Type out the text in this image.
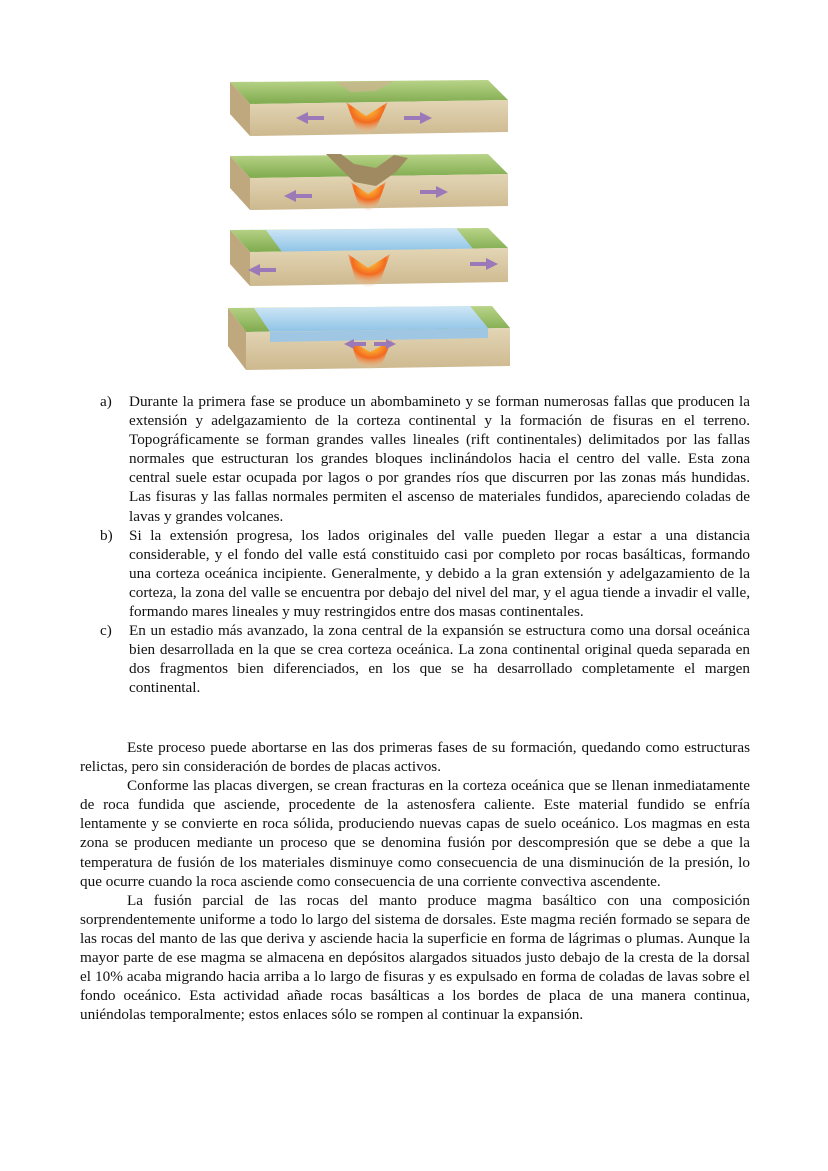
a) Durante la primera fase se produce un abombamineto y se forman numerosas fallas que producen la extensión y adelgazamiento de la corteza continental y la formación de fisuras en el terreno. Topográficamente se forman grandes valles lineales (rift continentales) delimitados por las fallas normales que estructuran los grandes bloques inclinándolos hacia el centro del valle. Esta zona central suele estar ocupada por lagos o por grandes ríos que discurren por las zonas más hundidas. Las fisuras y las fallas normales permiten el ascenso de materiales fundidos, apareciendo coladas de lavas y grandes volcanes.
b) Si la extensión progresa, los lados originales del valle pueden llegar a estar a una distancia considerable, y el fondo del valle está constituido casi por completo por rocas basálticas, formando una corteza oceánica incipiente. Generalmente, y debido a la gran extensión y adelgazamiento de la corteza, la zona del valle se encuentra por debajo del nivel del mar, y el agua tiende a invadir el valle, formando mares lineales y muy restringidos entre dos masas continentales.
c) En un estadio más avanzado, la zona central de la expansión se estructura como una dorsal oceánica bien desarrollada en la que se crea corteza oceánica. La zona continental original queda separada en dos fragmentos bien diferenciados, en los que se ha desarrollado completamente el margen continental.

Este proceso puede abortarse en las dos primeras fases de su formación, quedando como estructuras relictas, pero sin consideración de bordes de placas activos.

Conforme las placas divergen, se crean fracturas en la corteza oceánica que se llenan inmediatamente de roca fundida que asciende, procedente de la astenosfera caliente. Este material fundido se enfría lentamente y se convierte en roca sólida, produciendo nuevas capas de suelo oceánico. Los magmas en esta zona se producen mediante un proceso que se denomina fusión por descompresión que se debe a que la temperatura de fusión de los materiales disminuye como consecuencia de una disminución de la presión, lo que ocurre cuando la roca asciende como consecuencia de una corriente convectiva ascendente.

La fusión parcial de las rocas del manto produce magma basáltico con una composición sorprendentemente uniforme a todo lo largo del sistema de dorsales. Este magma recién formado se separa de las rocas del manto de las que deriva y asciende hacia la superficie en forma de lágrimas o plumas. Aunque la mayor parte de ese magma se almacena en depósitos alargados situados justo debajo de la cresta de la dorsal el 10% acaba migrando hacia arriba a lo largo de fisuras y es expulsado en forma de coladas de lavas sobre el fondo oceánico. Esta actividad añade rocas basálticas a los bordes de placa de una manera continua, uniéndolas temporalmente; estos enlaces sólo se rompen al continuar la expansión.
